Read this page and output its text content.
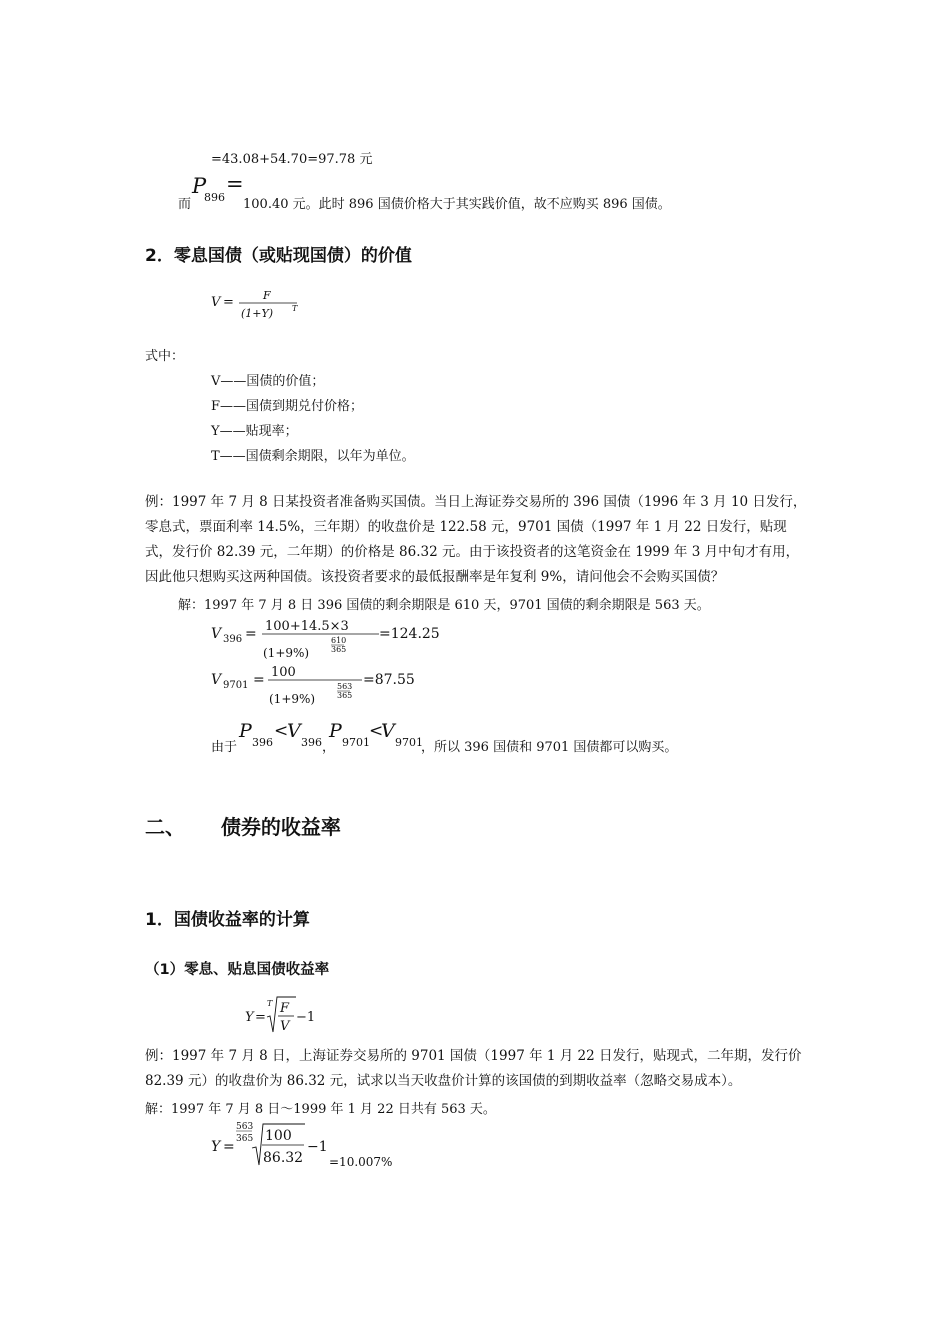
=43.08+54.70=97.78 元
而
P
896
=
100.40 元。此时 896 国债价格大于其实践价值，故不应购买 896 国债。
2．零息国债（或贴现国债）的价值
V =	F
(1+Y) T
式中：
V——国债的价值；
F——国债到期兑付价格；
Y——贴现率；
T——国债剩余期限，以年为单位。
例：1997 年 7 月 8 日某投资者准备购买国债。当日上海证券交易所的 396 国债（1996 年 3 月 10 日发行，零息式，票面利率 14.5%，三年期）的收盘价是 122.58 元，9701 国债（1997 年 1 月 22 日发行，贴现式，发行价 82.39 元，二年期）的价格是 86.32 元。由于该投资者的这笔资金在 1999 年 3 月中旬才有用，因此他只想购买这两种国债。该投资者要求的最低报酬率是年复利 9%，请问他会不会购买国债？
解：1997 年 7 月 8 日 396 国债的剩余期限是 610 天，9701 国债的剩余期限是 563 天。
V 396 = 100+14.5×3
(1+9%)
610
365
=124.25
V 9701 = 100
(1+9%)
563
365
=87.55
由于
P
396
<
V
396 ，
P
9701
<
V
9701
，所以 396 国债和 9701 国债都可以购买。
二、 债券的收益率
1．国债收益率的计算
（1）零息、贴息国债收益率
Y =
T F
V
−1
例：1997 年 7 月 8 日，上海证券交易所的 9701 国债（1997 年 1 月 22 日发行，贴现式，二年期，发行价 82.39 元）的收盘价为 86.32 元，试求以当天收盘价计算的该国债的到期收益率（忽略交易成本）。
解：1997 年 7 月 8 日～1999 年 1 月 22 日共有 563 天。
Y =
563
365 100
86.32
−1
=10.007%
